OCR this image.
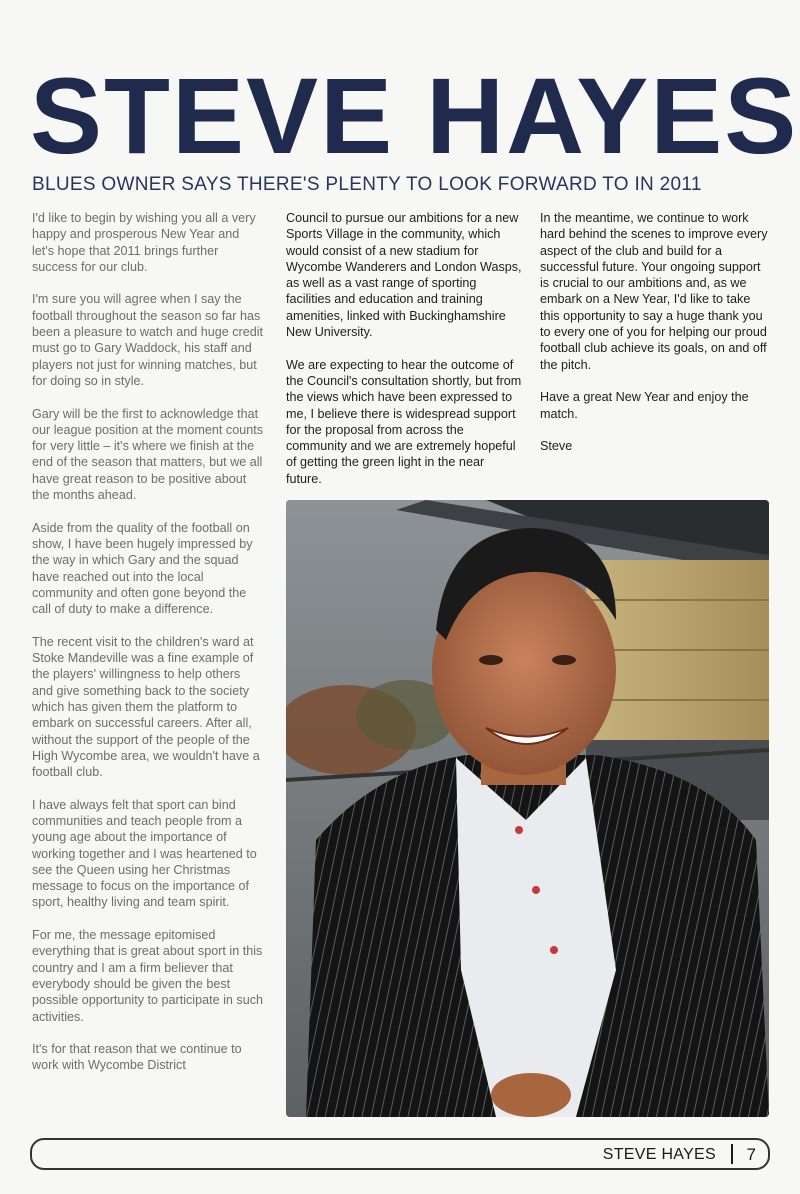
STEVE HAYES
BLUES OWNER SAYS THERE'S PLENTY TO LOOK FORWARD TO IN 2011

I'd like to begin by wishing you all a very happy and prosperous New Year and let's hope that 2011 brings further success for our club.

I'm sure you will agree when I say the football throughout the season so far has been a pleasure to watch and huge credit must go to Gary Waddock, his staff and players not just for winning matches, but for doing so in style.

Gary will be the first to acknowledge that our league position at the moment counts for very little – it's where we finish at the end of the season that matters, but we all have great reason to be positive about the months ahead.

Aside from the quality of the football on show, I have been hugely impressed by the way in which Gary and the squad have reached out into the local community and often gone beyond the call of duty to make a difference.

The recent visit to the children's ward at Stoke Mandeville was a fine example of the players' willingness to help others and give something back to the society which has given them the platform to embark on successful careers. After all, without the support of the people of the High Wycombe area, we wouldn't have a football club.

I have always felt that sport can bind communities and teach people from a young age about the importance of working together and I was heartened to see the Queen using her Christmas message to focus on the importance of sport, healthy living and team spirit.

For me, the message epitomised everything that is great about sport in this country and I am a firm believer that everybody should be given the best possible opportunity to participate in such activities.

It's for that reason that we continue to work with Wycombe District

Council to pursue our ambitions for a new Sports Village in the community, which would consist of a new stadium for Wycombe Wanderers and London Wasps, as well as a vast range of sporting facilities and education and training amenities, linked with Buckinghamshire New University.

We are expecting to hear the outcome of the Council's consultation shortly, but from the views which have been expressed to me, I believe there is widespread support for the proposal from across the community and we are extremely hopeful of getting the green light in the near future.

In the meantime, we continue to work hard behind the scenes to improve every aspect of the club and build for a successful future. Your ongoing support is crucial to our ambitions and, as we embark on a New Year, I'd like to take this opportunity to say a huge thank you to every one of you for helping our proud football club achieve its goals, on and off the pitch.

Have a great New Year and enjoy the match.

Steve

STEVE HAYES 7
